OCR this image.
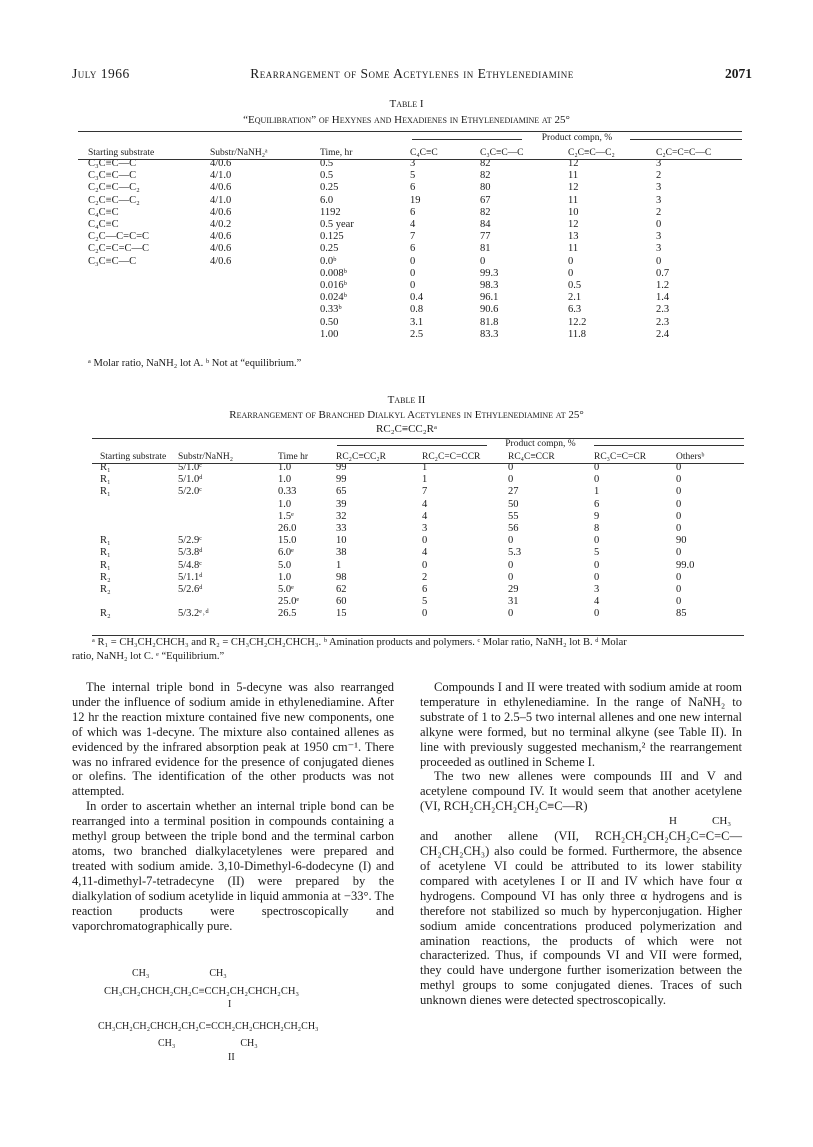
July 1966	Rearrangement of Some Acetylenes in Ethylenediamine	2071
Table I
“Equilibration” of Hexynes and Hexadienes in Ethylenediamine at 25°
Product compn, %
Starting substrate	Substr/NaNH₂ᵃ	Time, hr	C₄C≡C	C₃C≡C—C	C₂C≡C—C₂	C₂C=C=C—C
C₃C≡C—C	4/0.6	0.5	3	82	12	3
C₃C≡C—C	4/1.0	0.5	5	82	11	2
C₂C≡C—C₂	4/0.6	0.25	6	80	12	3
C₂C≡C—C₂	4/1.0	6.0	19	67	11	3
C₄C≡C	4/0.6	1192	6	82	10	2
C₄C≡C	4/0.2	0.5 year	4	84	12	0
C₂C—C=C=C	4/0.6	0.125	7	77	13	3
C₂C=C=C—C	4/0.6	0.25	6	81	11	3
C₃C≡C—C	4/0.6	0.0ᵇ	0	0	0	0
		0.008ᵇ	0	99.3	0	0.7
		0.016ᵇ	0	98.3	0.5	1.2
		0.024ᵇ	0.4	96.1	2.1	1.4
		0.33ᵇ	0.8	90.6	6.3	2.3
		0.50	3.1	81.8	12.2	2.3
		1.00	2.5	83.3	11.8	2.4
ᵃ Molar ratio, NaNH₂ lot A. ᵇ Not at “equilibrium.”
Table II
Rearrangement of Branched Dialkyl Acetylenes in Ethylenediamine at 25°
RC₂C≡CC₂Rᵃ
Product compn, %
Starting substrate	Substr/NaNH₂	Time hr	RC₂C≡CC₂R	RC₂C=C=CCR	RC₄C≡CCR	RC₃C=C=CR	Othersᵇ
R₁	5/1.0ᶜ	1.0	99	1	0	0	0
R₁	5/1.0ᵈ	1.0	99	1	0	0	0
R₁	5/2.0ᶜ	0.33	65	7	27	1	0
		1.0	39	4	50	6	0
		1.5ᵉ	32	4	55	9	0
		26.0	33	3	56	8	0
R₁	5/2.9ᶜ	15.0	10	0	0	0	90
R₁	5/3.8ᵈ	6.0ᵉ	38	4	5.3	5	0
R₁	5/4.8ᶜ	5.0	1	0	0	0	99.0
R₂	5/1.1ᵈ	1.0	98	2	0	0	0
R₂	5/2.6ᵈ	5.0ᵉ	62	6	29	3	0
		25.0ᵉ	60	5	31	4	0
R₂	5/3.2ᵉ˒ᵈ	26.5	15	0	0	0	85
ᵃ R₁ = CH₃CH₂CHCH₃ and R₂ = CH₃CH₂CH₂CHCH₃. ᵇ Amination products and polymers. ᶜ Molar ratio, NaNH₂ lot B. ᵈ Molar
ratio, NaNH₂ lot C. ᵉ “Equilibrium.”

The internal triple bond in 5-decyne was also rearranged under the influence of sodium amide in ethylenediamine. After 12 hr the reaction mixture contained five new components, one of which was 1-decyne. The mixture also contained allenes as evidenced by the infrared absorption peak at 1950 cm⁻¹. There was no infrared evidence for the presence of conjugated dienes or olefins. The identification of the other products was not attempted.

In order to ascertain whether an internal triple bond can be rearranged into a terminal position in compounds containing a methyl group between the triple bond and the terminal carbon atoms, two branched dialkylacetylenes were prepared and treated with sodium amide. 3,10-Dimethyl-6-dodecyne (I) and 4,11-dimethyl-7-tetradecyne (II) were prepared by the dialkylation of sodium acetylide in liquid ammonia at −33°. The reaction products were spectroscopically and vaporchromatographically pure.

CH₃                        CH₃
CH₃CH₂CHCH₂CH₂C≡CCH₂CH₂CHCH₂CH₃
I
CH₃CH₂CH₂CHCH₂CH₂C≡CCH₂CH₂CHCH₂CH₂CH₃
CH₃                          CH₃
II

Compounds I and II were treated with sodium amide at room temperature in ethylenediamine. In the range of NaNH₂ to substrate of 1 to 2.5–5 two internal allenes and one new internal alkyne were formed, but no terminal alkyne (see Table II). In line with previously suggested mechanism,² the rearrangement proceeded as outlined in Scheme I.

The two new allenes were compounds III and V and acetylene compound IV. It would seem that another acetylene (VI, RCH₂CH₂CH₂CH₂C≡C—R)

H	CH₃

and another allene (VII, RCH₂CH₂CH₂CH₂C=C=C— CH₂CH₂CH₃) also could be formed. Furthermore, the absence of acetylene VI could be attributed to its lower stability compared with acetylenes I or II and IV which have four α hydrogens. Compound VI has only three α hydrogens and is therefore not stabilized so much by hyperconjugation. Higher sodium amide concentrations produced polymerization and amination reactions, the products of which were not characterized. Thus, if compounds VI and VII were formed, they could have undergone further isomerization between the methyl groups to some conjugated dienes. Traces of such unknown dienes were detected spectroscopically.
